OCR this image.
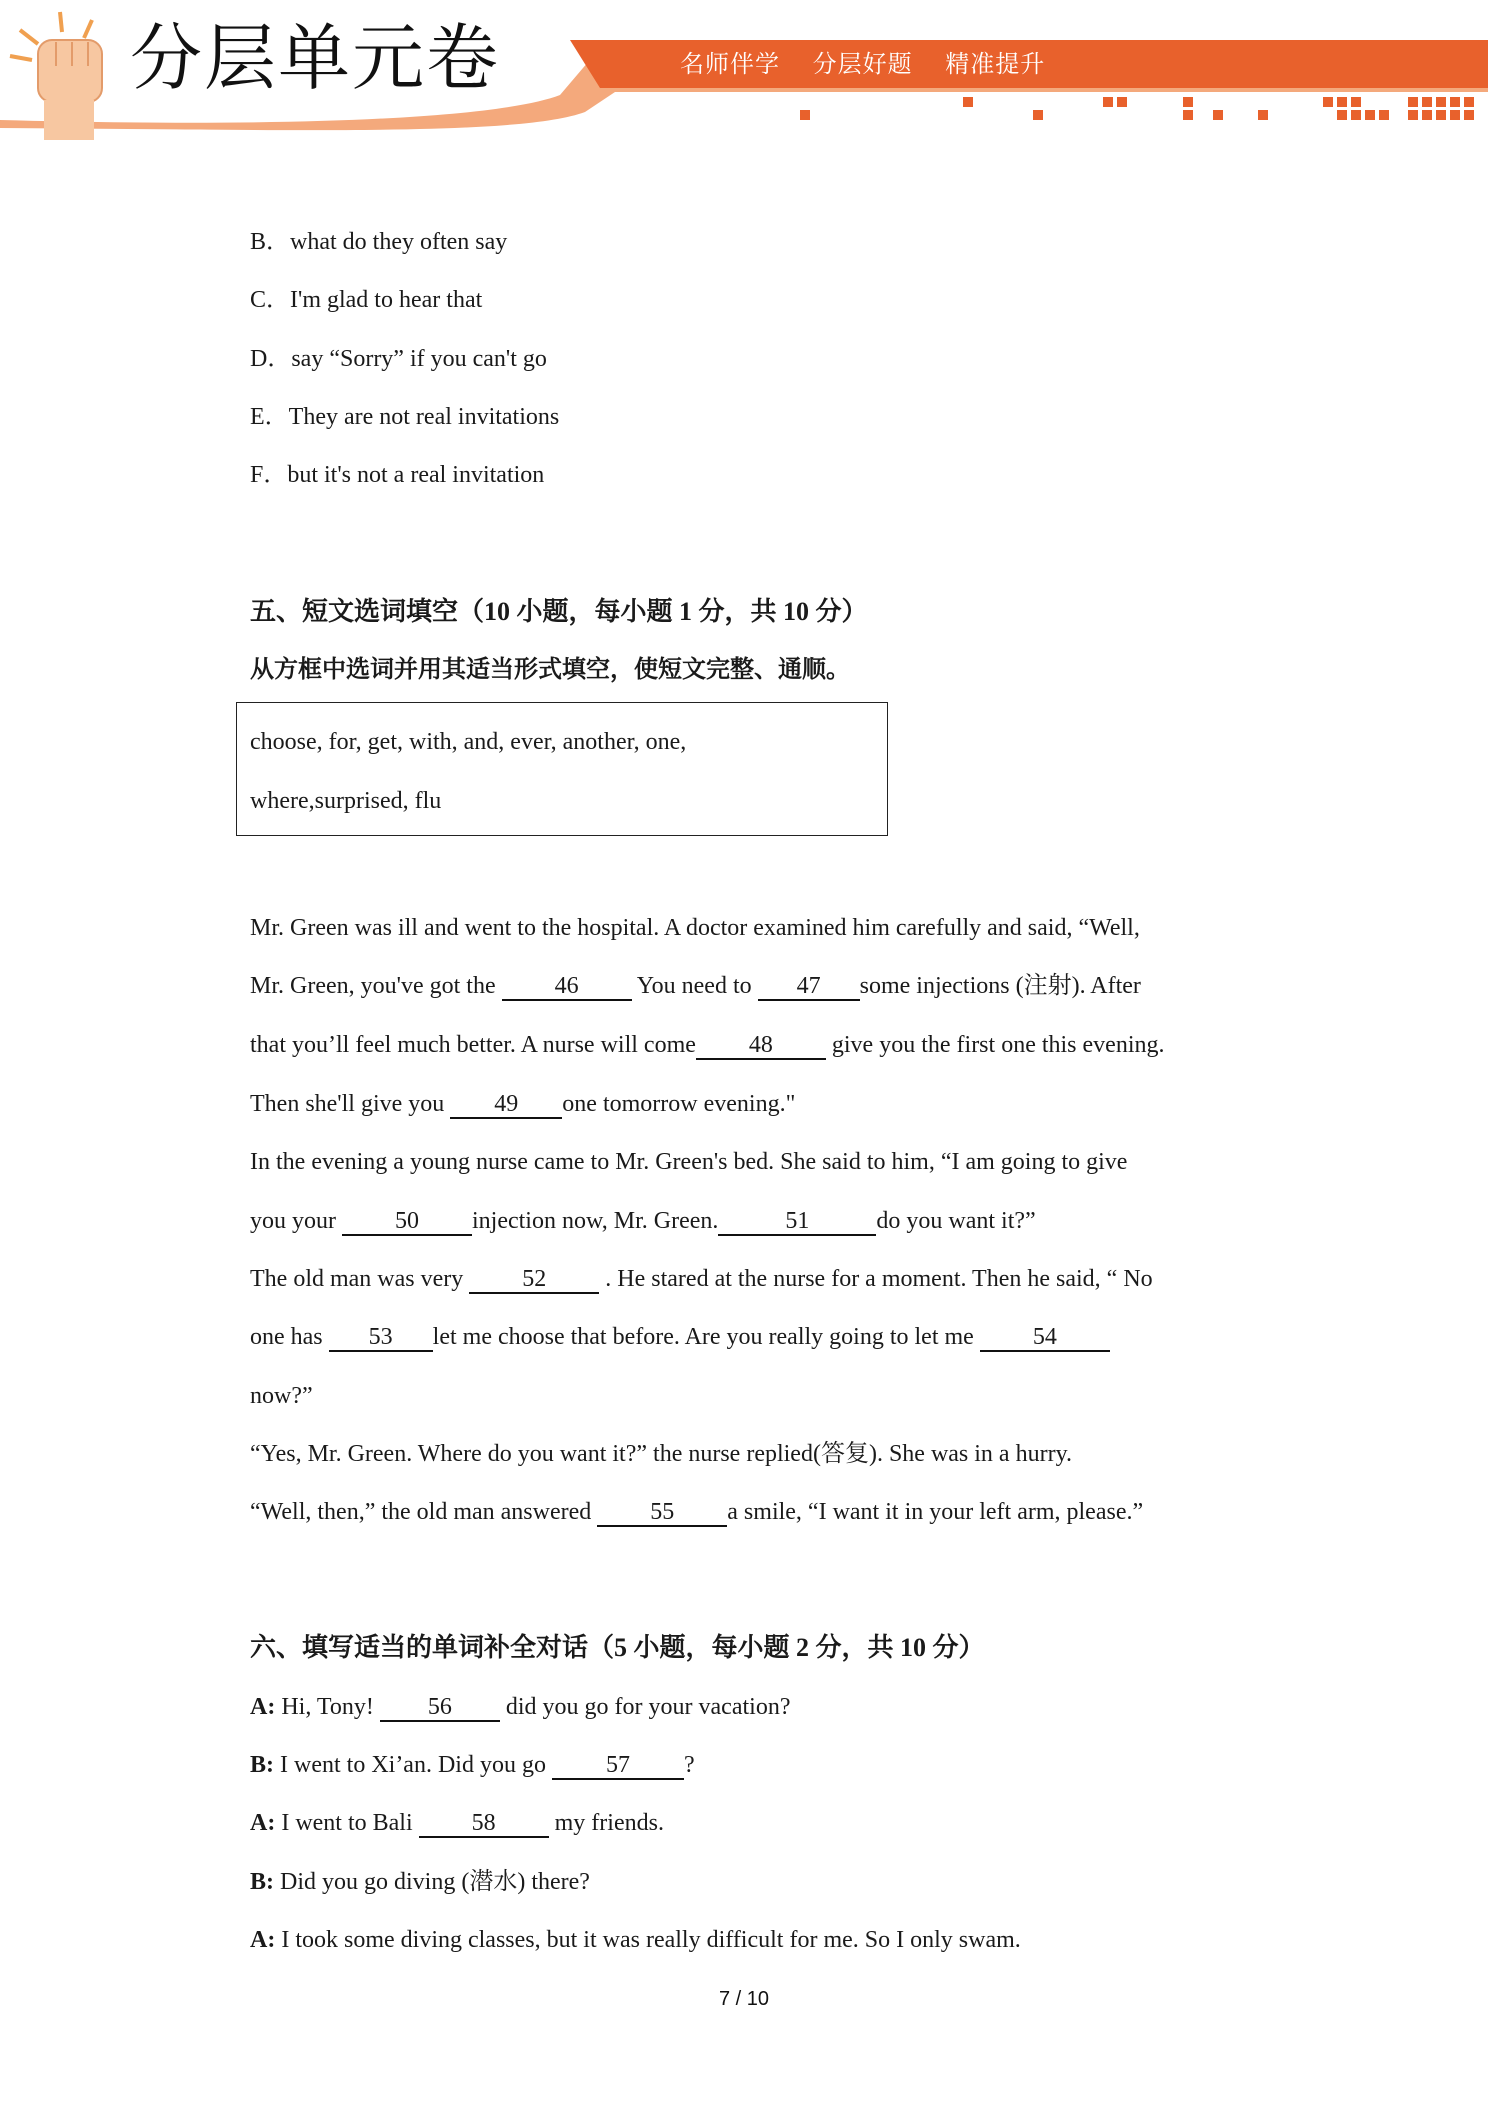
分层单元卷	名师伴学 分层好题 精准提升
B．what do they often say
C．I'm glad to hear that
D．say “Sorry” if you can't go
E．They are not real invitations
F．but it's not a real invitation
五、短文选词填空（10 小题，每小题 1 分，共 10 分）
从方框中选词并用其适当形式填空，使短文完整、通顺。
choose, for, get, with, and, ever, another, one,
where,surprised, flu
Mr. Green was ill and went to the hospital. A doctor examined him carefully and said, “Well,
Mr. Green, you've got the 46 You need to 47 some injections (注射). After
that you’ll feel much better. A nurse will come 48 give you the first one this evening.
Then she'll give you 49 one tomorrow evening."
In the evening a young nurse came to Mr. Green's bed. She said to him, “I am going to give
you your 50 injection now, Mr. Green.	51	do you want it?”
The old man was very 52 . He stared at the nurse for a moment. Then he said, “ No
one has 53 let me choose that before. Are you really going to let me 54
now?”
“Yes, Mr. Green. Where do you want it?” the nurse replied(答复). She was in a hurry.
“Well, then,” the old man answered 55 a smile, “I want it in your left arm, please.”
六、填写适当的单词补全对话（5 小题，每小题 2 分，共 10 分）
A: Hi, Tony! 56 did you go for your vacation?
B: I went to Xi’an. Did you go 57 ?
A: I went to Bali 58 my friends.
B: Did you go diving (潜水) there?
A: I took some diving classes, but it was really difficult for me. So I only swam.
7 / 10
